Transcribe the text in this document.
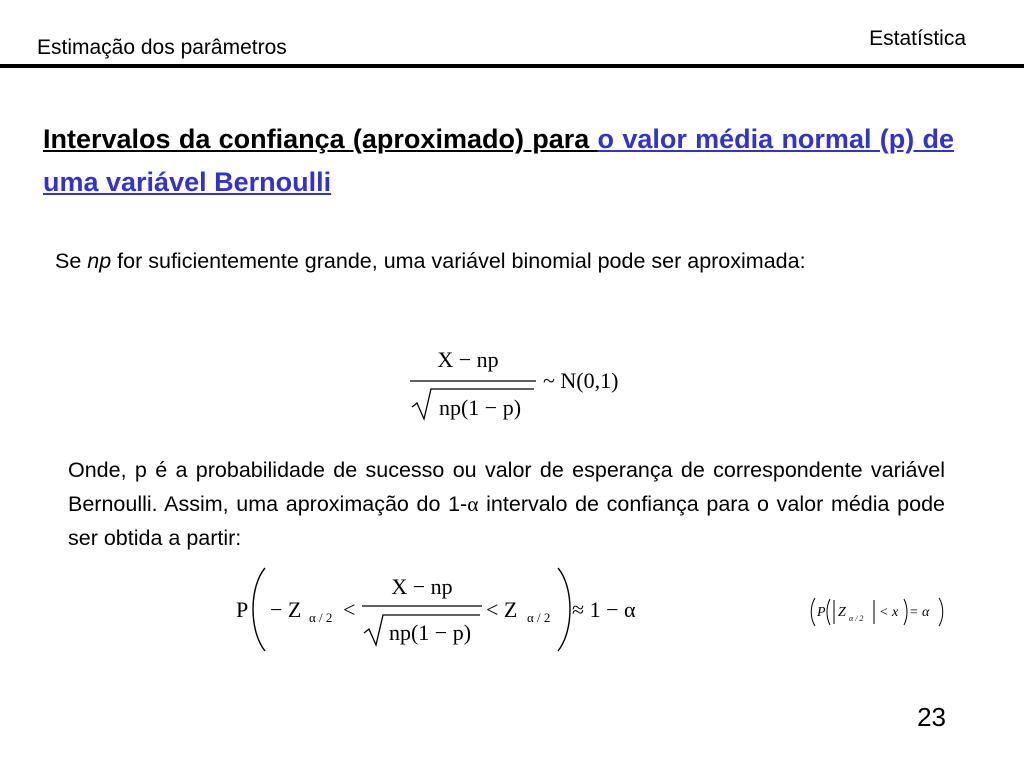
Estimação dos parâmetros	Estatística
Intervalos da confiança (aproximado) para o valor média normal (p) de uma variável Bernoulli
Se np for suficientemente grande, uma variável binomial pode ser aproximada:
X − np
np(1 − p)
~ N(0,1)
Onde, p é a probabilidade de sucesso ou valor de esperança de correspondente variável Bernoulli. Assim, uma aproximação do 1-α intervalo de confiança para o valor média pode ser obtida a partir:
P − Z α / 2 <
X − np
np(1 − p)
< Z α / 2 ≈ 1 − α	P Z α / 2 < x = α
23
